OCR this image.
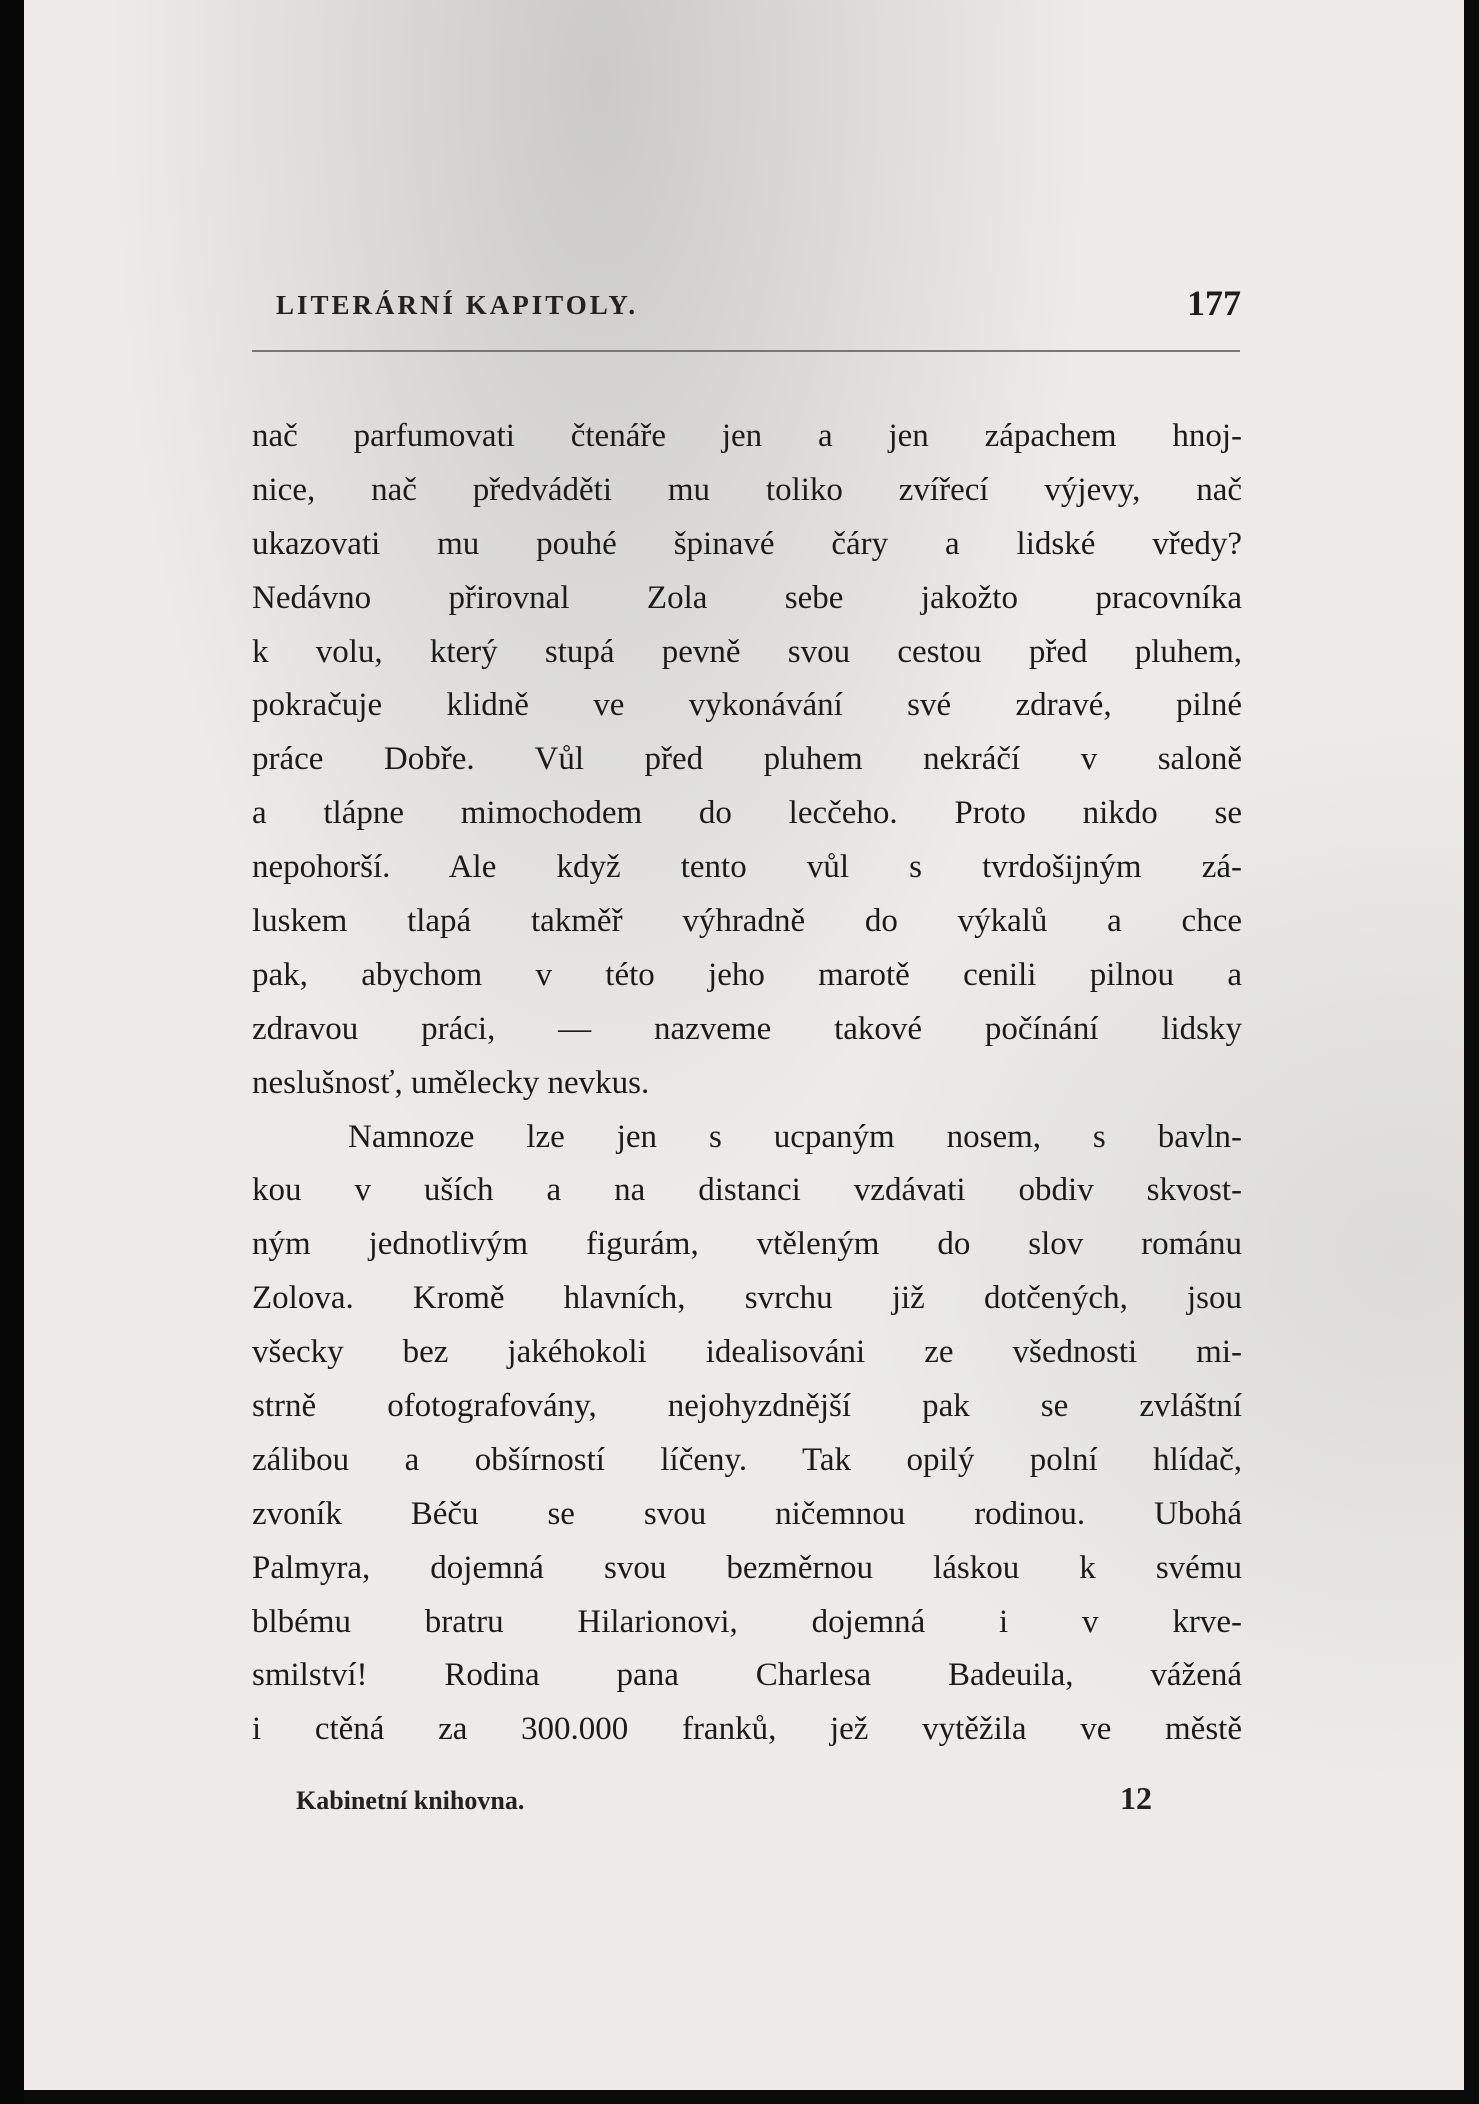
LITERÁRNÍ KAPITOLY.	177
nač parfumovati čtenáře jen a jen zápachem hnoj-
nice, nač předváděti mu toliko zvířecí výjevy, nač
ukazovati mu pouhé špinavé čáry a lidské vředy?
Nedávno přirovnal Zola sebe jakožto pracovníka
k volu, který stupá pevně svou cestou před pluhem,
pokračuje klidně ve vykonávání své zdravé, pilné
práce Dobře. Vůl před pluhem nekráčí v saloně
a tlápne mimochodem do lecčeho. Proto nikdo se
nepohorší. Ale když tento vůl s tvrdošijným zá-
luskem tlapá takměř výhradně do výkalů a chce
pak, abychom v této jeho marotě cenili pilnou a
zdravou práci, — nazveme takové počínání lidsky
neslušnosť, umělecky nevkus.
Namnoze lze jen s ucpaným nosem, s bavln-
kou v uších a na distanci vzdávati obdiv skvost-
ným jednotlivým figurám, vtěleným do slov románu
Zolova. Kromě hlavních, svrchu již dotčených, jsou
všecky bez jakéhokoli idealisováni ze všednosti mi-
strně ofotografovány, nejohyzdnější pak se zvláštní
zálibou a obšírností líčeny. Tak opilý polní hlídač,
zvoník Béču se svou ničemnou rodinou. Ubohá
Palmyra, dojemná svou bezměrnou láskou k svému
blbému bratru Hilarionovi, dojemná i v krve-
smilství! Rodina pana Charlesa Badeuila, vážená
i ctěná za 300.000 franků, jež vytěžila ve městě
Kabinetní knihovna.	12
